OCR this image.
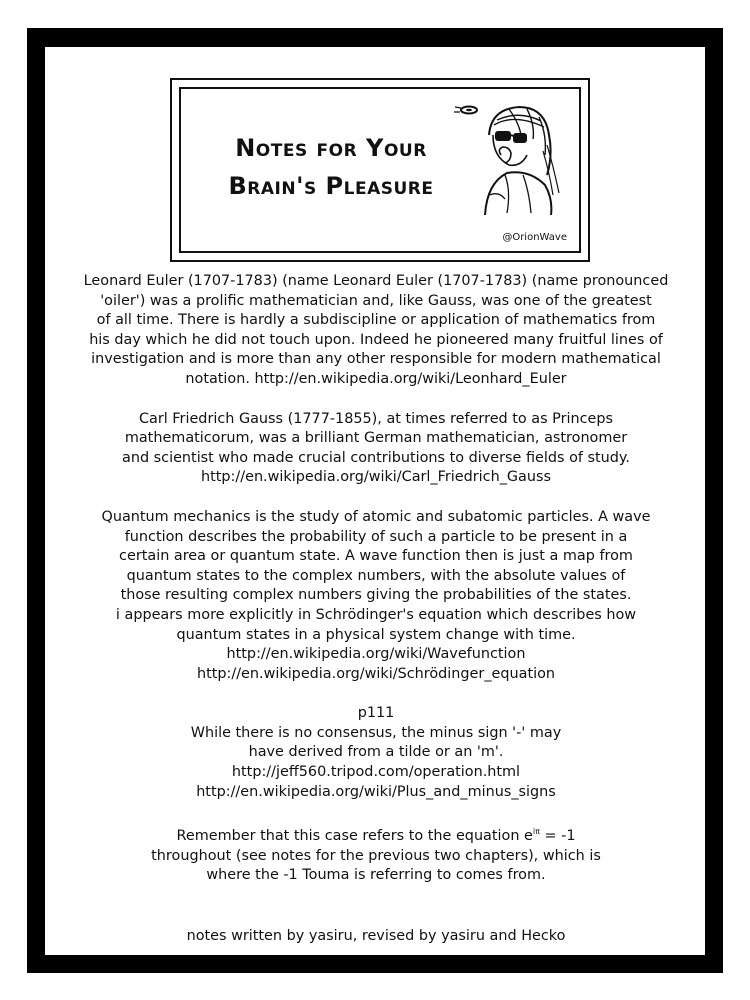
Notes for Your
Brain's Pleasure
@OrionWave

Leonard Euler (1707-1783) (name Leonard Euler (1707-1783) (name pronounced
'oiler') was a prolific mathematician and, like Gauss, was one of the greatest
of all time. There is hardly a subdiscipline or application of mathematics from
his day which he did not touch upon. Indeed he pioneered many fruitful lines of
investigation and is more than any other responsible for modern mathematical
notation. http://en.wikipedia.org/wiki/Leonhard_Euler

Carl Friedrich Gauss (1777-1855), at times referred to as Princeps
mathematicorum, was a brilliant German mathematician, astronomer
and scientist who made crucial contributions to diverse fields of study.
http://en.wikipedia.org/wiki/Carl_Friedrich_Gauss

Quantum mechanics is the study of atomic and subatomic particles. A wave
function describes the probability of such a particle to be present in a
certain area or quantum state. A wave function then is just a map from
quantum states to the complex numbers, with the absolute values of
those resulting complex numbers giving the probabilities of the states.
i appears more explicitly in Schrödinger's equation which describes how
quantum states in a physical system change with time.
http://en.wikipedia.org/wiki/Wavefunction
http://en.wikipedia.org/wiki/Schrödinger_equation

p111
While there is no consensus, the minus sign '-' may
have derived from a tilde or an 'm'.
http://jeff560.tripod.com/operation.html
http://en.wikipedia.org/wiki/Plus_and_minus_signs

Remember that this case refers to the equation $e^{i\pi} = -1$
throughout (see notes for the previous two chapters), which is
where the -1 Touma is referring to comes from.

notes written by yasiru, revised by yasiru and Hecko
